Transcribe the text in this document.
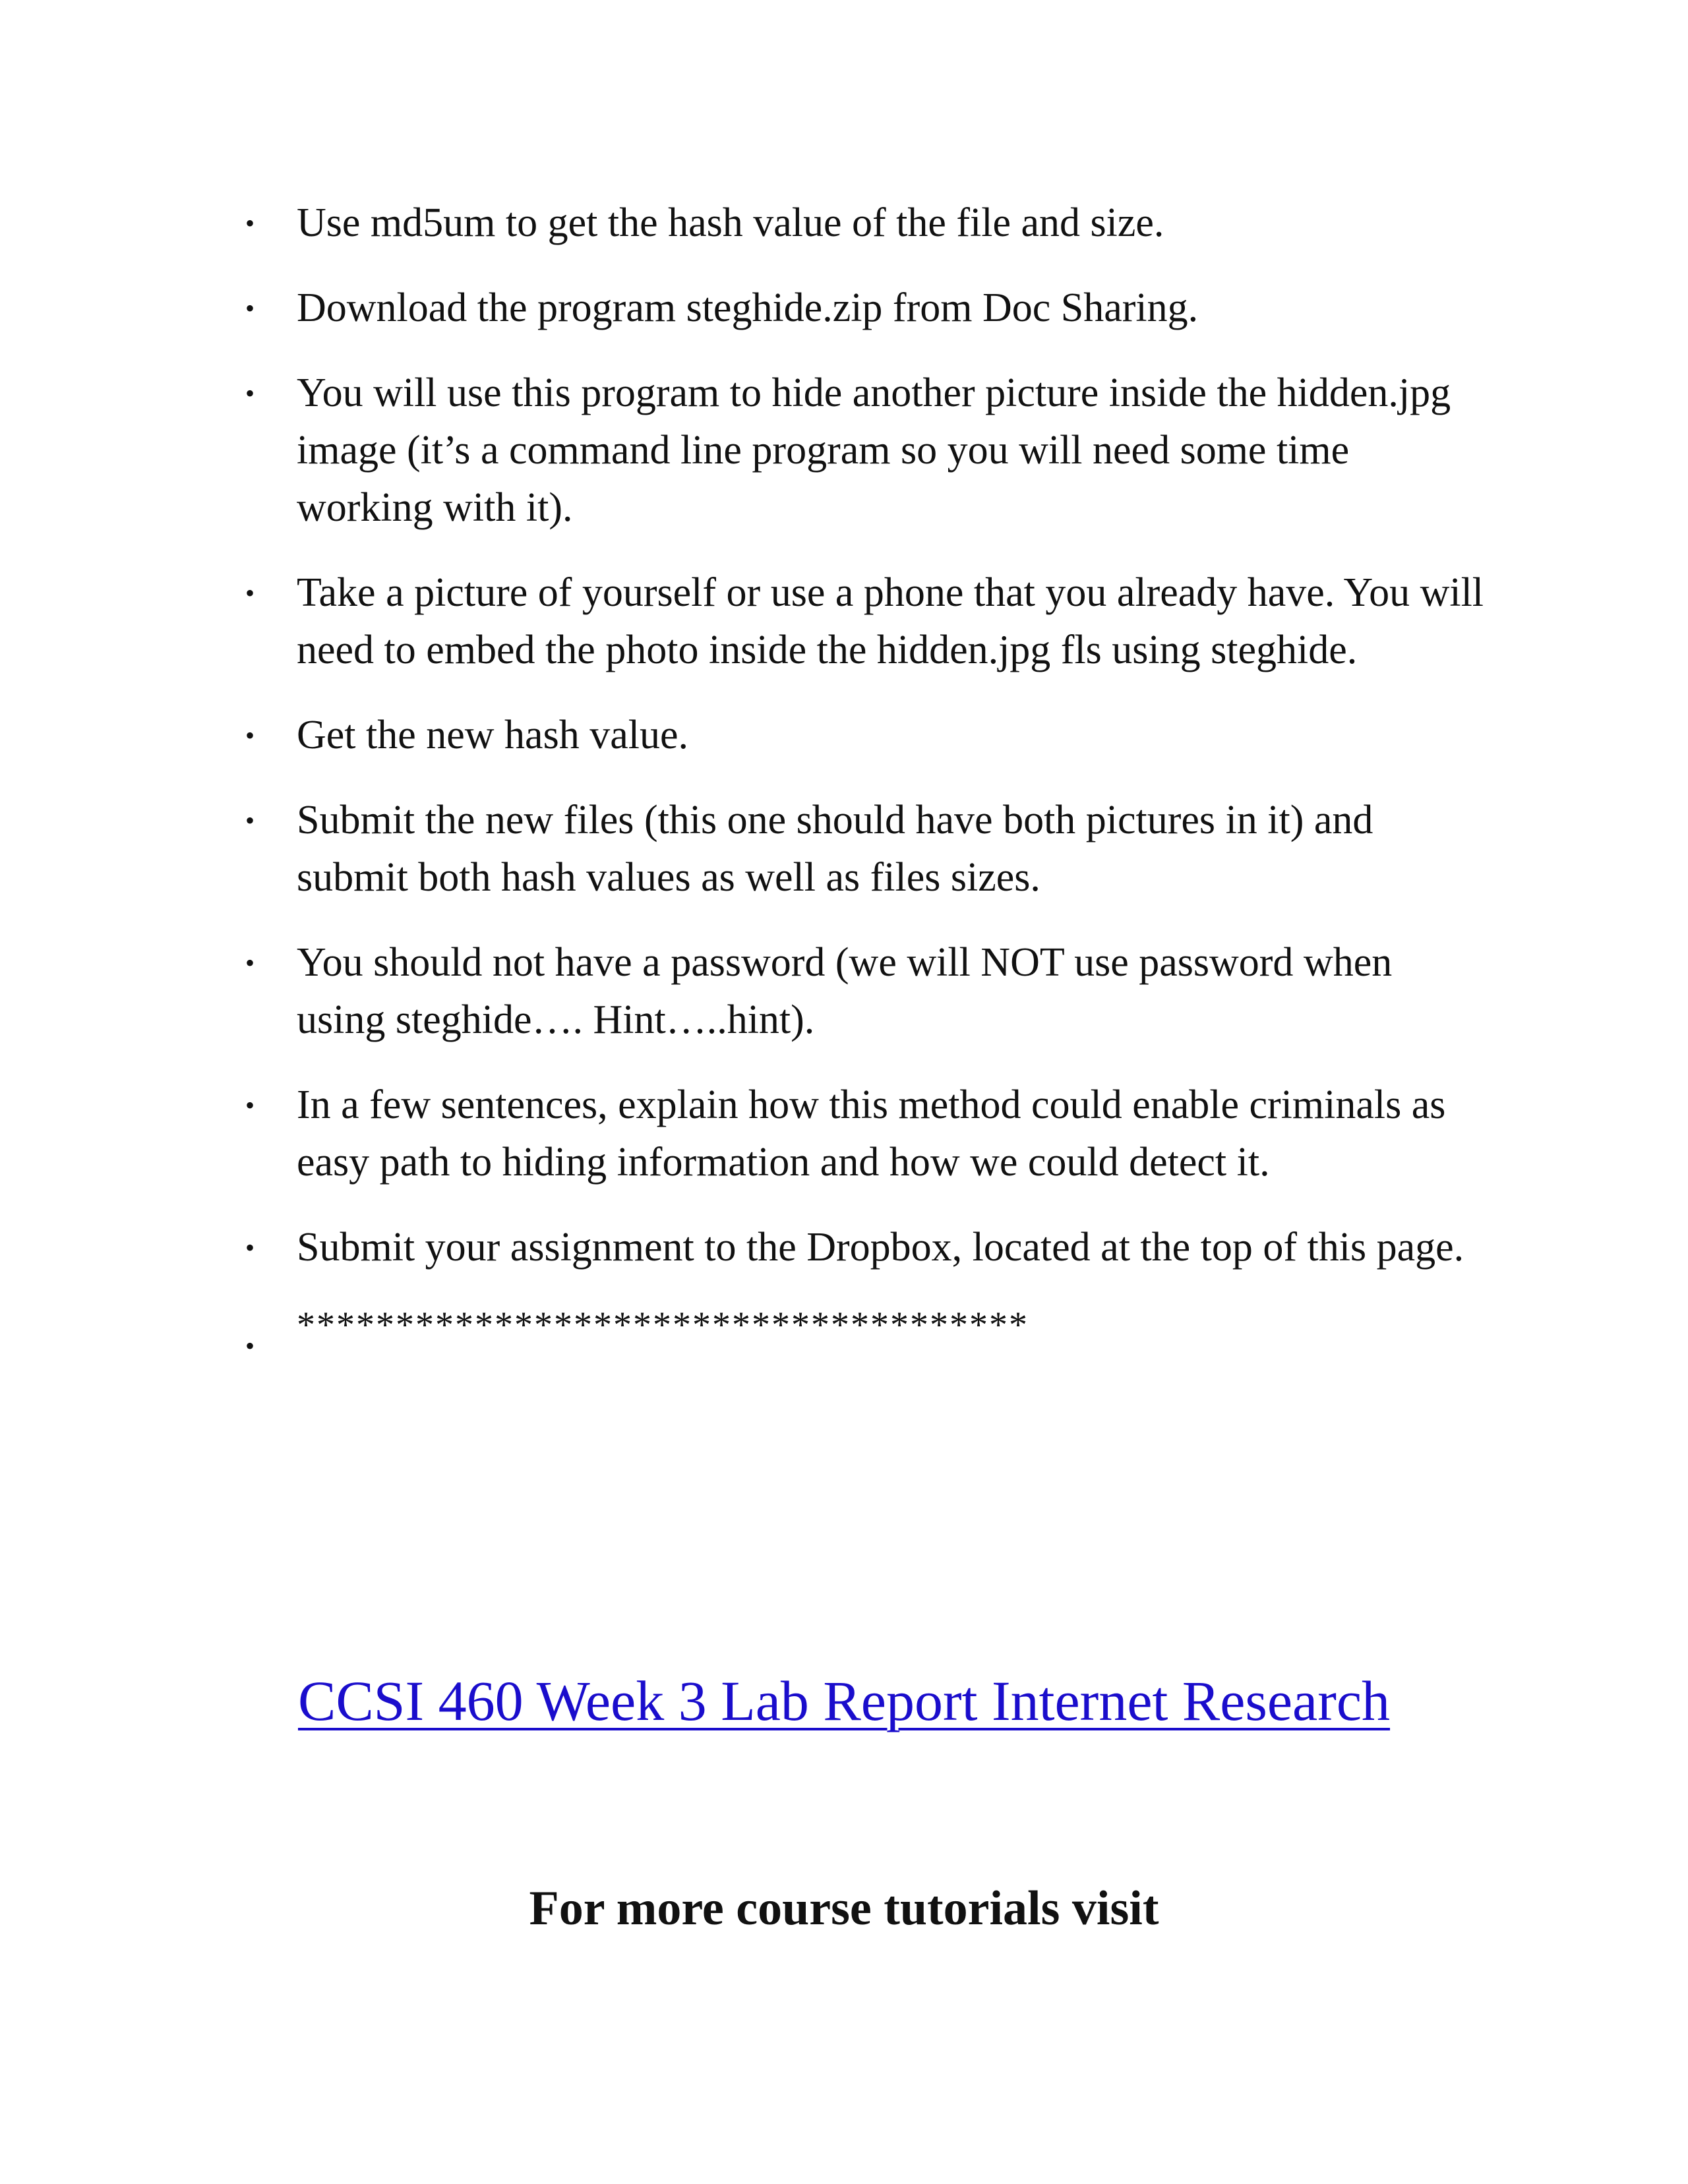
• Use md5um to get the hash value of the file and size.
• Download the program steghide.zip from Doc Sharing.
• You will use this program to hide another picture inside the hidden.jpg image (it’s a command line program so you will need some time working with it).
• Take a picture of yourself or use a phone that you already have. You will need to embed the photo inside the hidden.jpg fls using steghide.
• Get the new hash value.
• Submit the new files (this one should have both pictures in it) and submit both hash values as well as files sizes.
• You should not have a password (we will NOT use password when using steghide…. Hint…..hint).
• In a few sentences, explain how this method could enable criminals as easy path to hiding information and how we could detect it.
• Submit your assignment to the Dropbox, located at the top of this page.
•
*************************************
CCSI 460 Week 3 Lab Report Internet Research
For more course tutorials visit
